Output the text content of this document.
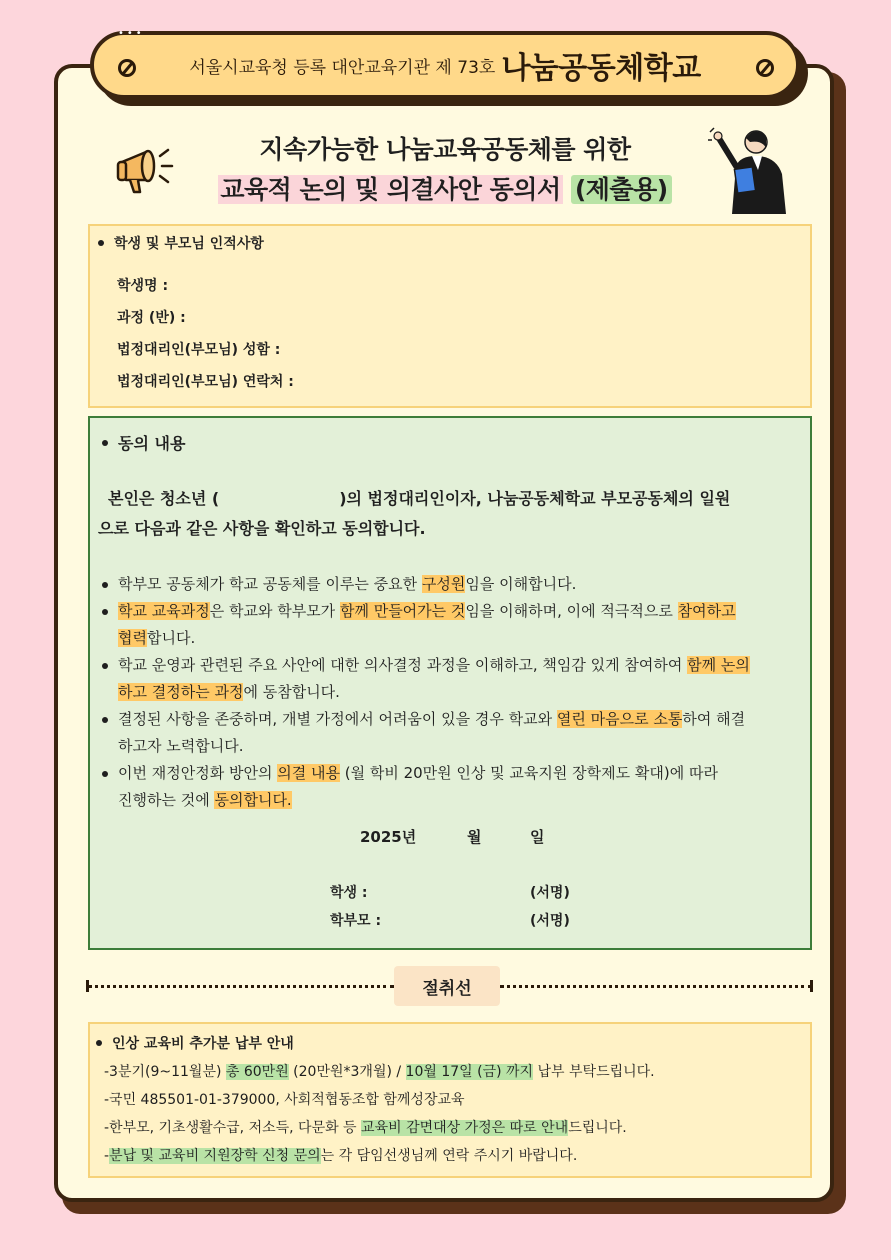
서울시교육청 등록 대안교육기관 제 73호 나눔공동체학교
•••
지속가능한 나눔교육공동체를 위한
교육적 논의 및 의결사안 동의서 (제출용)
학생 및 부모님 인적사항
학생명 :
과정 (반) :
법정대리인(부모님) 성함 :
법정대리인(부모님) 연락처 :
동의 내용
본인은 청소년 (	)의 법정대리인이자, 나눔공동체학교 부모공동체의 일원
으로 다음과 같은 사항을 확인하고 동의합니다.
학부모 공동체가 학교 공동체를 이루는 중요한 구성원임을 이해합니다.
학교 교육과정은 학교와 학부모가 함께 만들어가는 것임을 이해하며, 이에 적극적으로 참여하고
협력합니다.
학교 운영과 관련된 주요 사안에 대한 의사결정 과정을 이해하고, 책임감 있게 참여하여 함께 논의
하고 결정하는 과정에 동참합니다.
결정된 사항을 존중하며, 개별 가정에서 어려움이 있을 경우 학교와 열린 마음으로 소통하여 해결
하고자 노력합니다.
이번 재정안정화 방안의 의결 내용 (월 학비 20만원 인상 및 교육지원 장학제도 확대)에 따라
진행하는 것에 동의합니다.
2025년	월	일
학생 :	(서명)
학부모 :	(서명)
절취선
인상 교육비 추가분 납부 안내
-3분기(9~11월분) 총 60만원 (20만원*3개월) / 10월 17일 (금) 까지 납부 부탁드립니다.
-국민 485501-01-379000, 사회적협동조합 함께성장교육
-한부모, 기초생활수급, 저소득, 다문화 등 교육비 감면대상 가정은 따로 안내드립니다.
-분납 및 교육비 지원장학 신청 문의는 각 담임선생님께 연락 주시기 바랍니다.
